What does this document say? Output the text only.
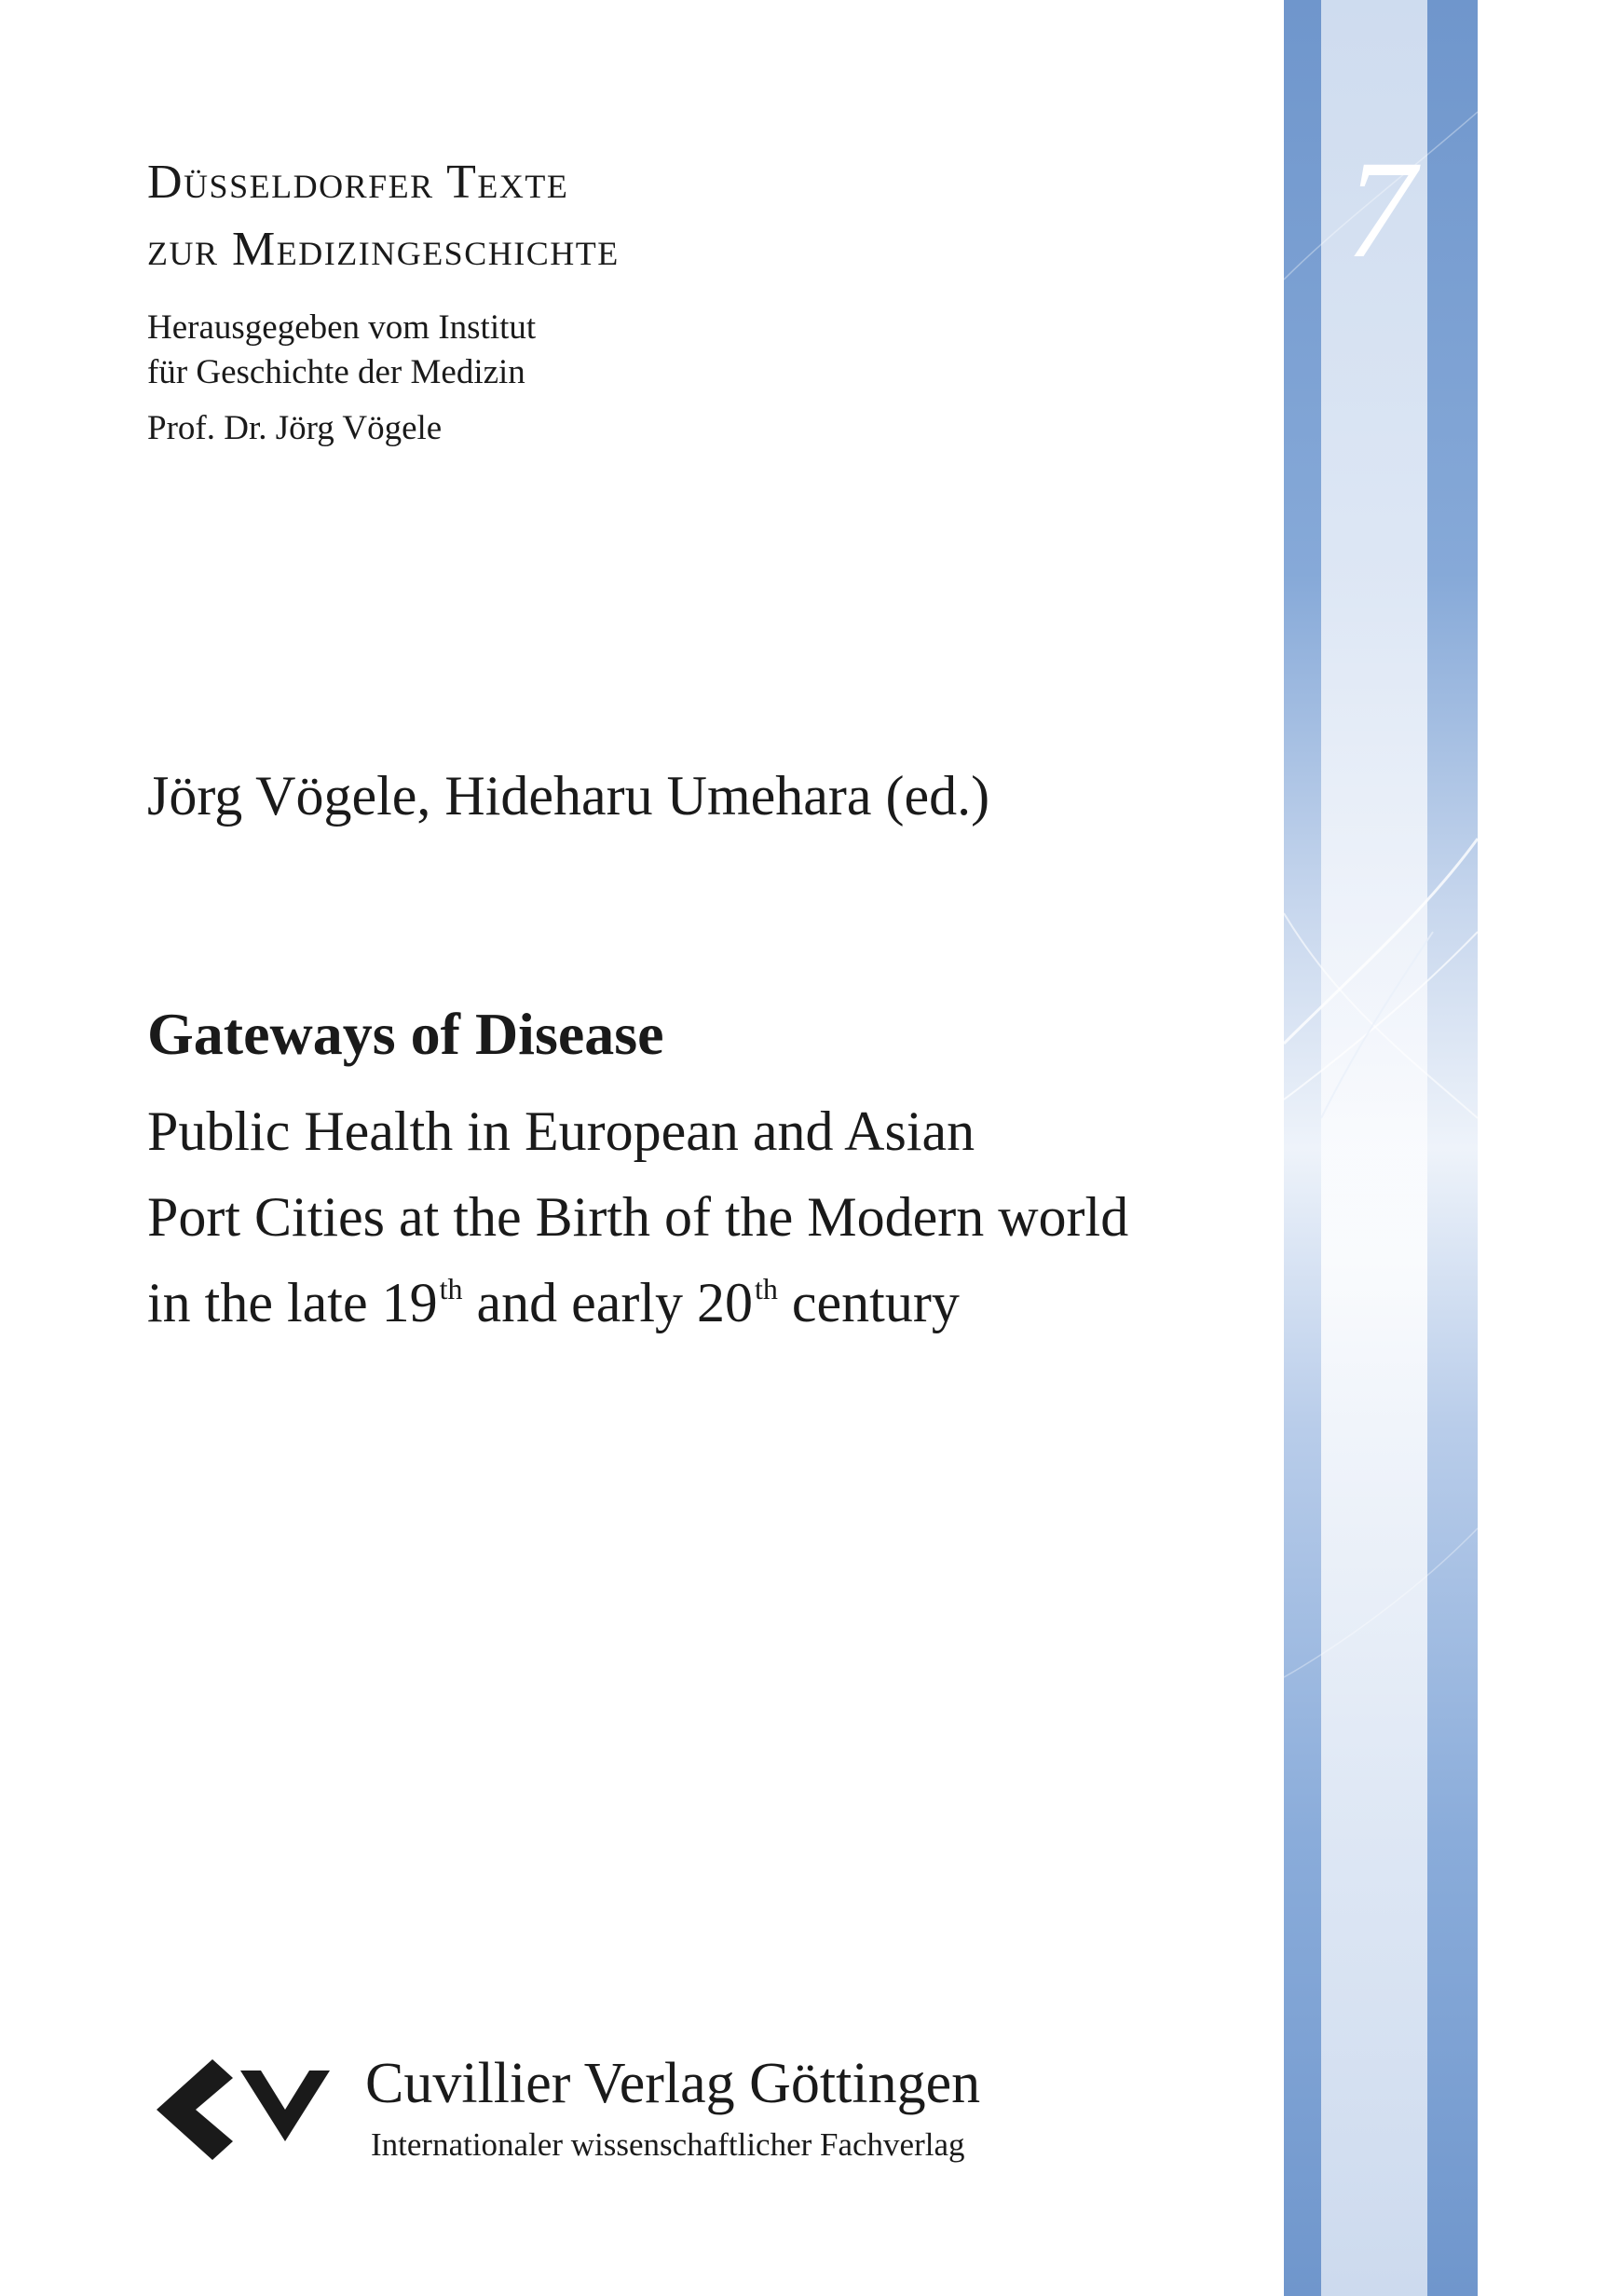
Düsseldorfer Texte
zur Medizingeschichte
Herausgegeben vom Institut
für Geschichte der Medizin
Prof. Dr. Jörg Vögele
Jörg Vögele, Hideharu Umehara (ed.)
Gateways of Disease
Public Health in European and Asian
Port Cities at the Birth of the Modern world
in the late 19th and early 20th century
7
Cuvillier Verlag Göttingen
Internationaler wissenschaftlicher Fachverlag
